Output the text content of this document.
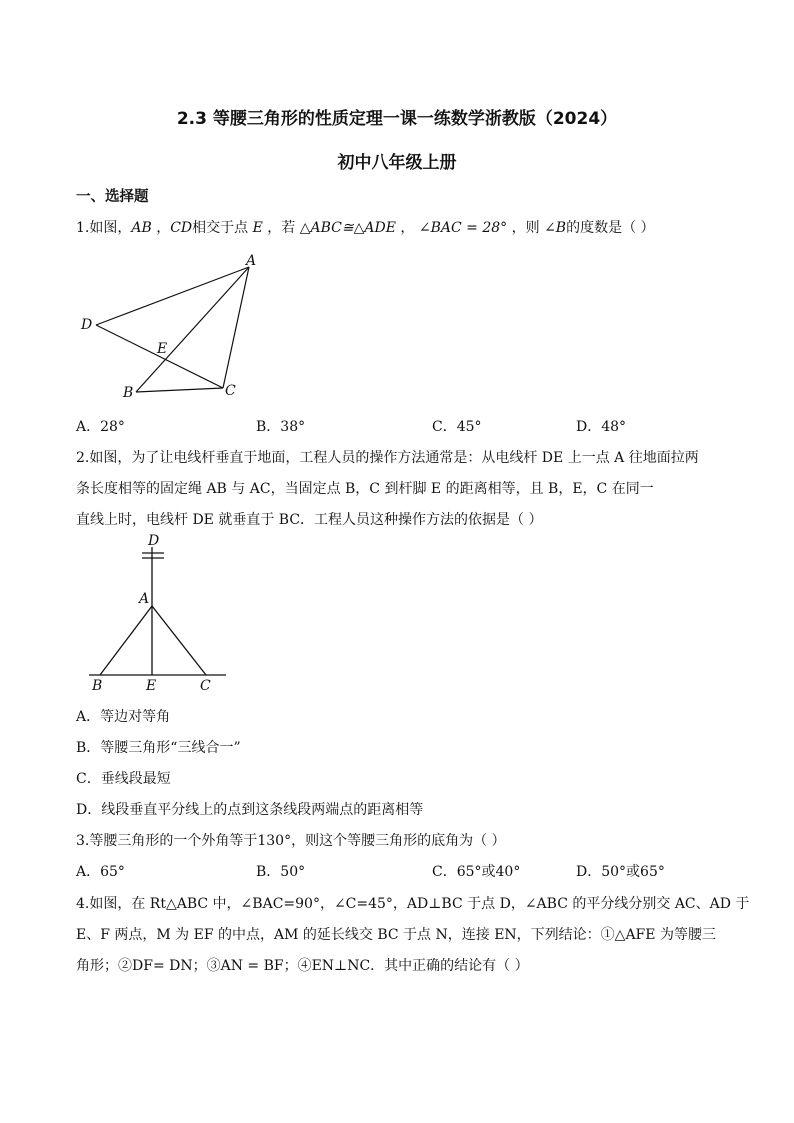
2.3 等腰三角形的性质定理一课一练数学浙教版（2024）
初中八年级上册
一、选择题
1.如图，AB ，CD相交于点 E ，若 △ABC≅△ADE ， ∠BAC = 28° ，则 ∠B的度数是（ ）
A
D
E
B	C
A．28°	B．38°	C．45°	D．48°
2.如图，为了让电线杆垂直于地面，工程人员的操作方法通常是：从电线杆 DE 上一点 A 往地面拉两
条长度相等的固定绳 AB 与 AC，当固定点 B，C 到杆脚 E 的距离相等，且 B，E，C 在同一
直线上时，电线杆 DE 就垂直于 BC．工程人员这种操作方法的依据是（ ）
D
A
B	E	C
A．等边对等角
B．等腰三角形“三线合一”
C．垂线段最短
D．线段垂直平分线上的点到这条线段两端点的距离相等
3.等腰三角形的一个外角等于130°，则这个等腰三角形的底角为（ ）
A．65°	B．50°	C．65°或40°	D．50°或65°
4.如图，在 Rt△ABC 中，∠BAC=90°，∠C=45°，AD⊥BC 于点 D，∠ABC 的平分线分别交 AC、AD 于
E、F 两点，M 为 EF 的中点，AM 的延长线交 BC 于点 N，连接 EN，下列结论：①△AFE 为等腰三
角形；②DF= DN；③AN = BF；④EN⊥NC．其中正确的结论有（ ）
